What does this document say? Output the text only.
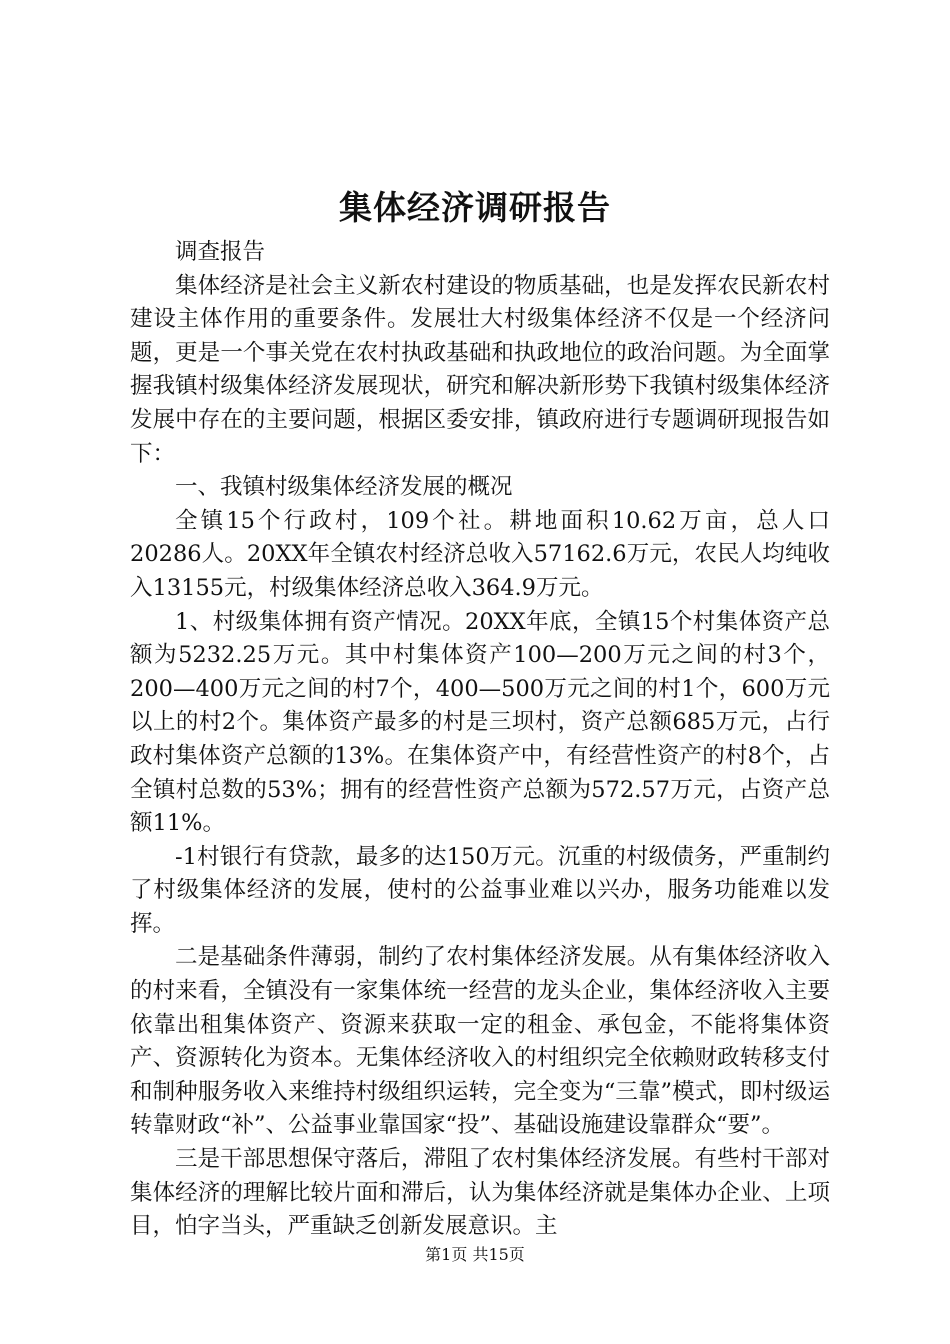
集体经济调研报告

调查报告

集体经济是社会主义新农村建设的物质基础，也是发挥农民新农村建设主体作用的重要条件。发展壮大村级集体经济不仅是一个经济问题，更是一个事关党在农村执政基础和执政地位的政治问题。为全面掌握我镇村级集体经济发展现状，研究和解决新形势下我镇村级集体经济发展中存在的主要问题，根据区委安排，镇政府进行专题调研现报告如下：

一、我镇村级集体经济发展的概况

全镇15个行政村，109个社。耕地面积10.62万亩，总人口20286人。20XX年全镇农村经济总收入57162.6万元，农民人均纯收入13155元，村级集体经济总收入364.9万元。

1、村级集体拥有资产情况。20XX年底，全镇15个村集体资产总额为5232.25万元。其中村集体资产100—200万元之间的村3个，200—400万元之间的村7个，400—500万元之间的村1个，600万元以上的村2个。集体资产最多的村是三坝村，资产总额685万元，占行政村集体资产总额的13%。在集体资产中，有经营性资产的村8个，占全镇村总数的53%；拥有的经营性资产总额为572.57万元，占资产总额11%。

-1村银行有贷款，最多的达150万元。沉重的村级债务，严重制约了村级集体经济的发展，使村的公益事业难以兴办，服务功能难以发挥。

二是基础条件薄弱，制约了农村集体经济发展。从有集体经济收入的村来看，全镇没有一家集体统一经营的龙头企业，集体经济收入主要依靠出租集体资产、资源来获取一定的租金、承包金，不能将集体资产、资源转化为资本。无集体经济收入的村组织完全依赖财政转移支付和制种服务收入来维持村级组织运转，完全变为“三靠”模式，即村级运转靠财政“补”、公益事业靠国家“投”、基础设施建设靠群众“要”。

三是干部思想保守落后，滞阻了农村集体经济发展。有些村干部对集体经济的理解比较片面和滞后，认为集体经济就是集体办企业、上项目，怕字当头，严重缺乏创新发展意识。主

第1页 共15页
